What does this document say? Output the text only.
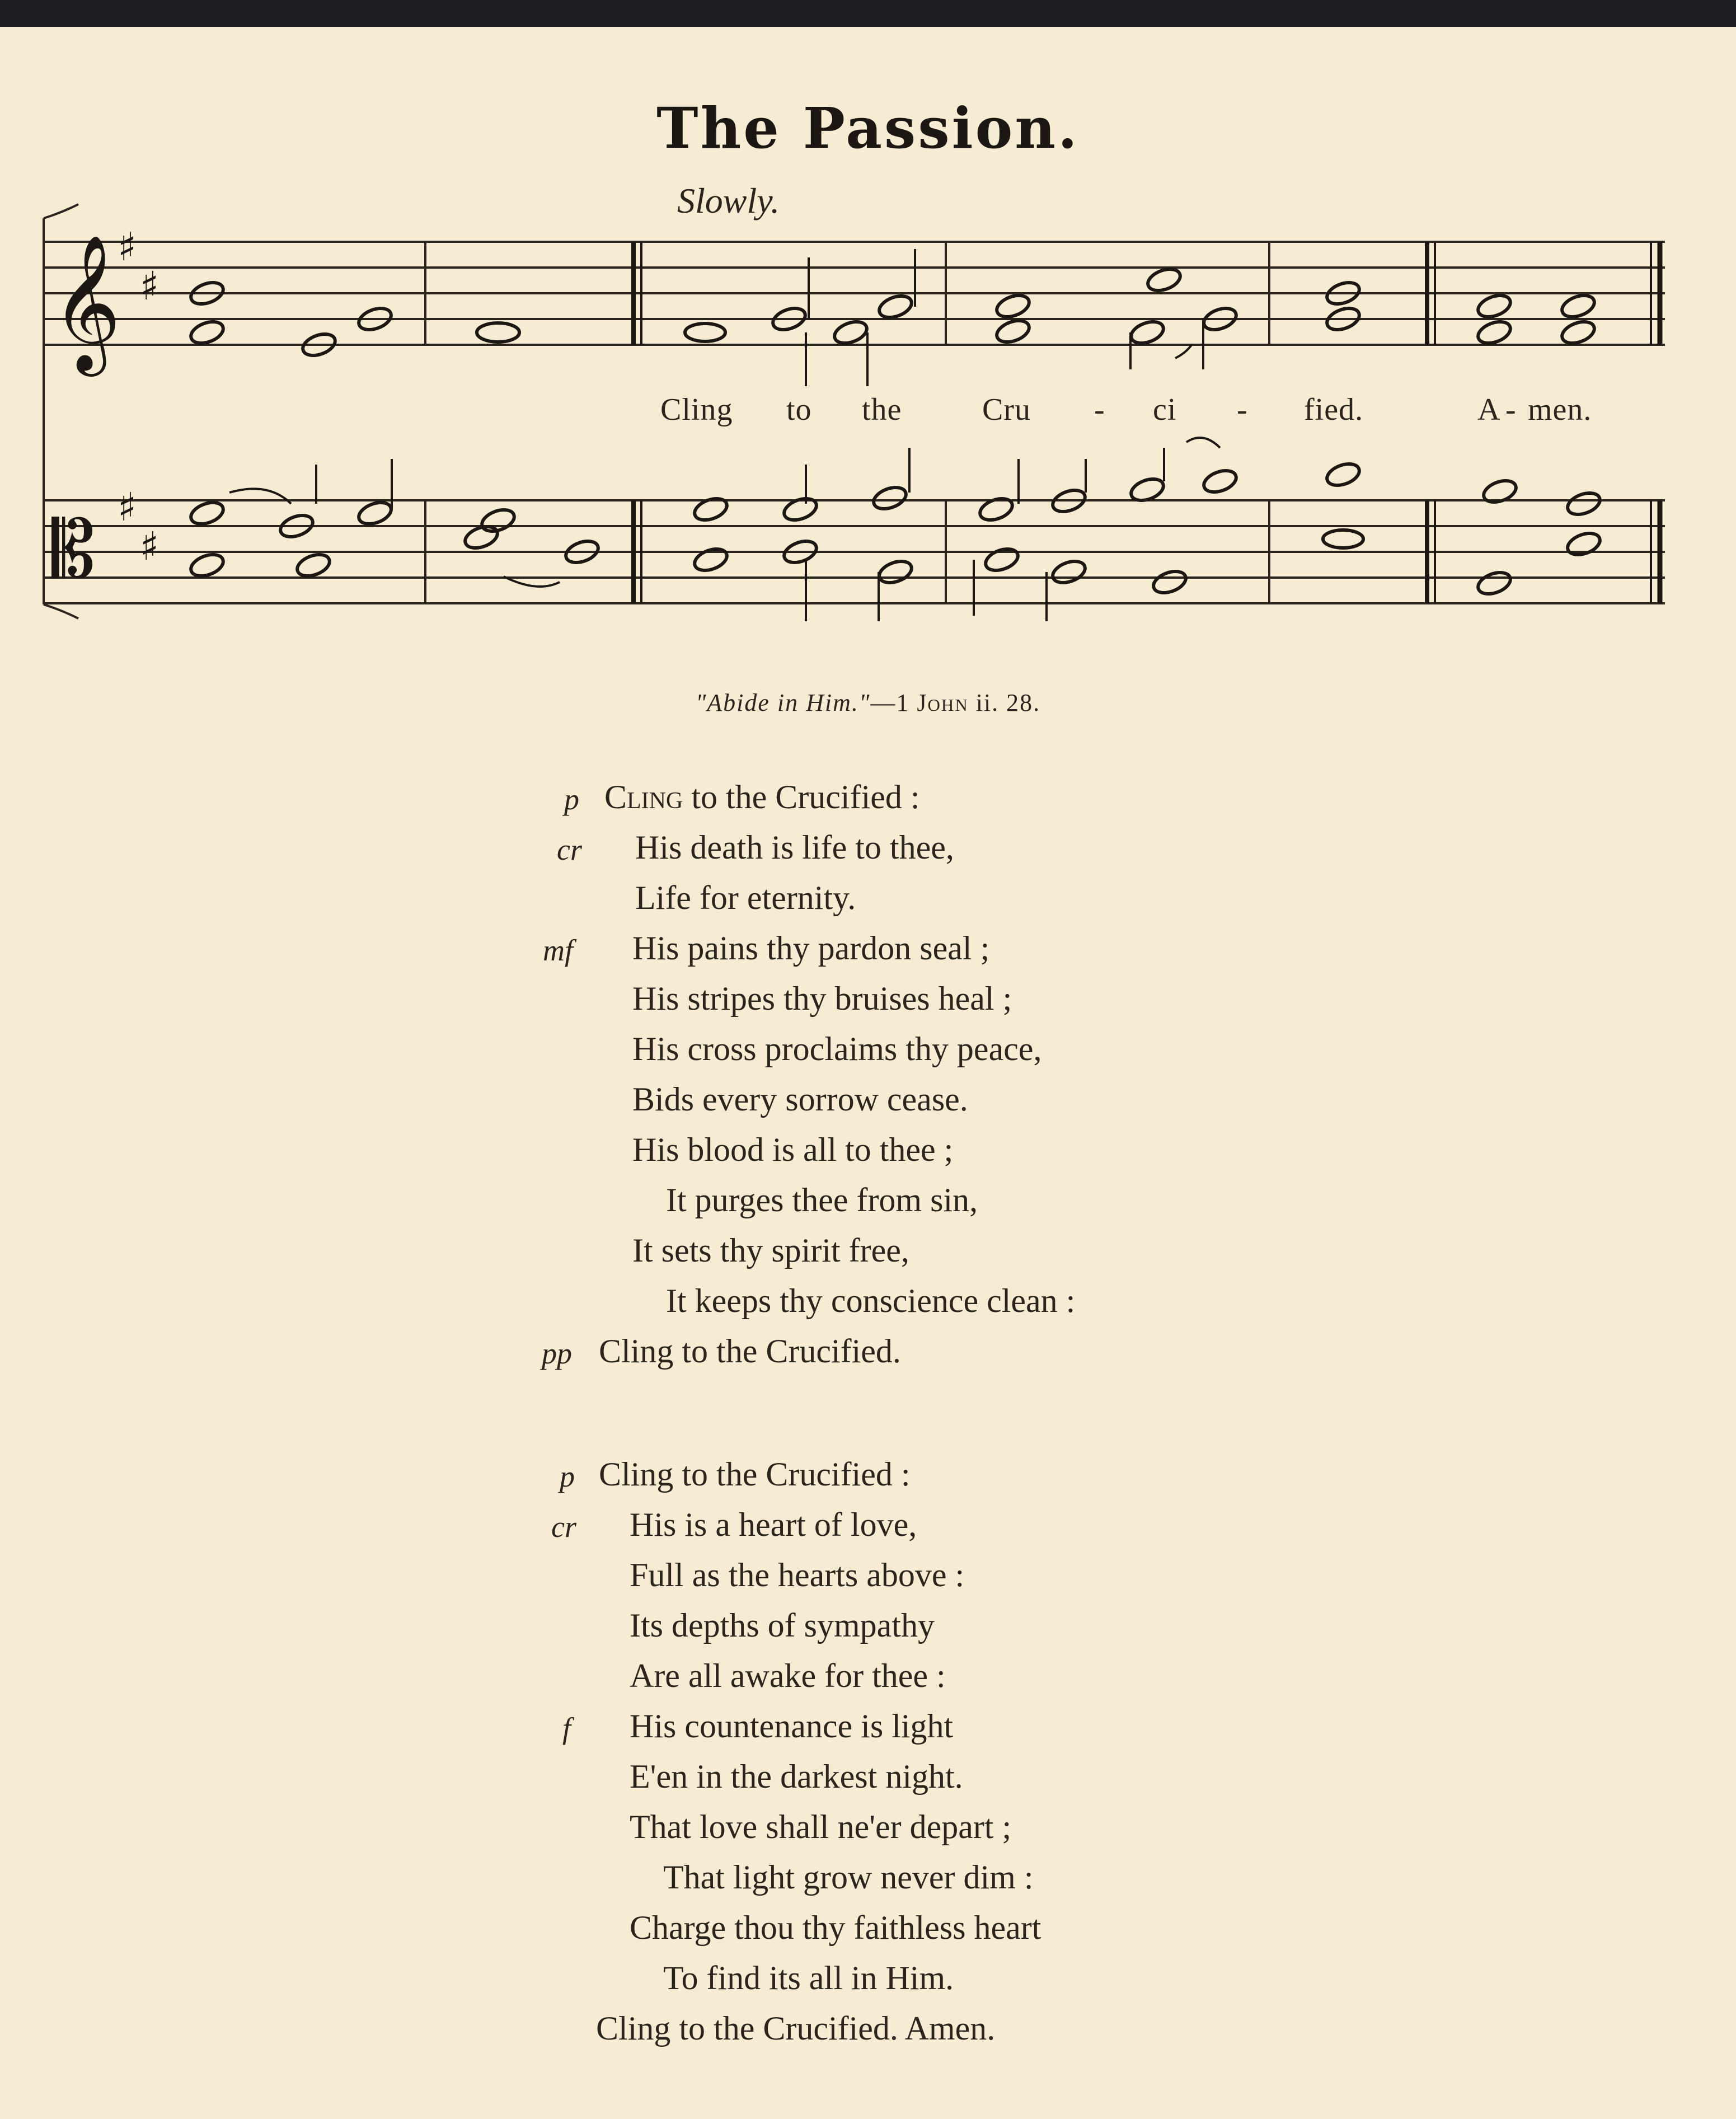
The Passion.
Slowly.
𝄞
𝄡
♯
♯
♯
♯
Cling to the	Cru - ci - fied.	A - men.
"Abide in Him."—1 John ii. 28.
p Cling to the Crucified :
cr His death is life to thee,
Life for eternity.
mf His pains thy pardon seal ;
His stripes thy bruises heal ;
His cross proclaims thy peace,
Bids every sorrow cease.
His blood is all to thee ;
It purges thee from sin,
It sets thy spirit free,
It keeps thy conscience clean :
pp Cling to the Crucified.
p Cling to the Crucified :
cr His is a heart of love,
Full as the hearts above :
Its depths of sympathy
Are all awake for thee :
f His countenance is light
E'en in the darkest night.
That love shall ne'er depart ;
That light grow never dim :
Charge thou thy faithless heart
To find its all in Him.
Cling to the Crucified. Amen.
